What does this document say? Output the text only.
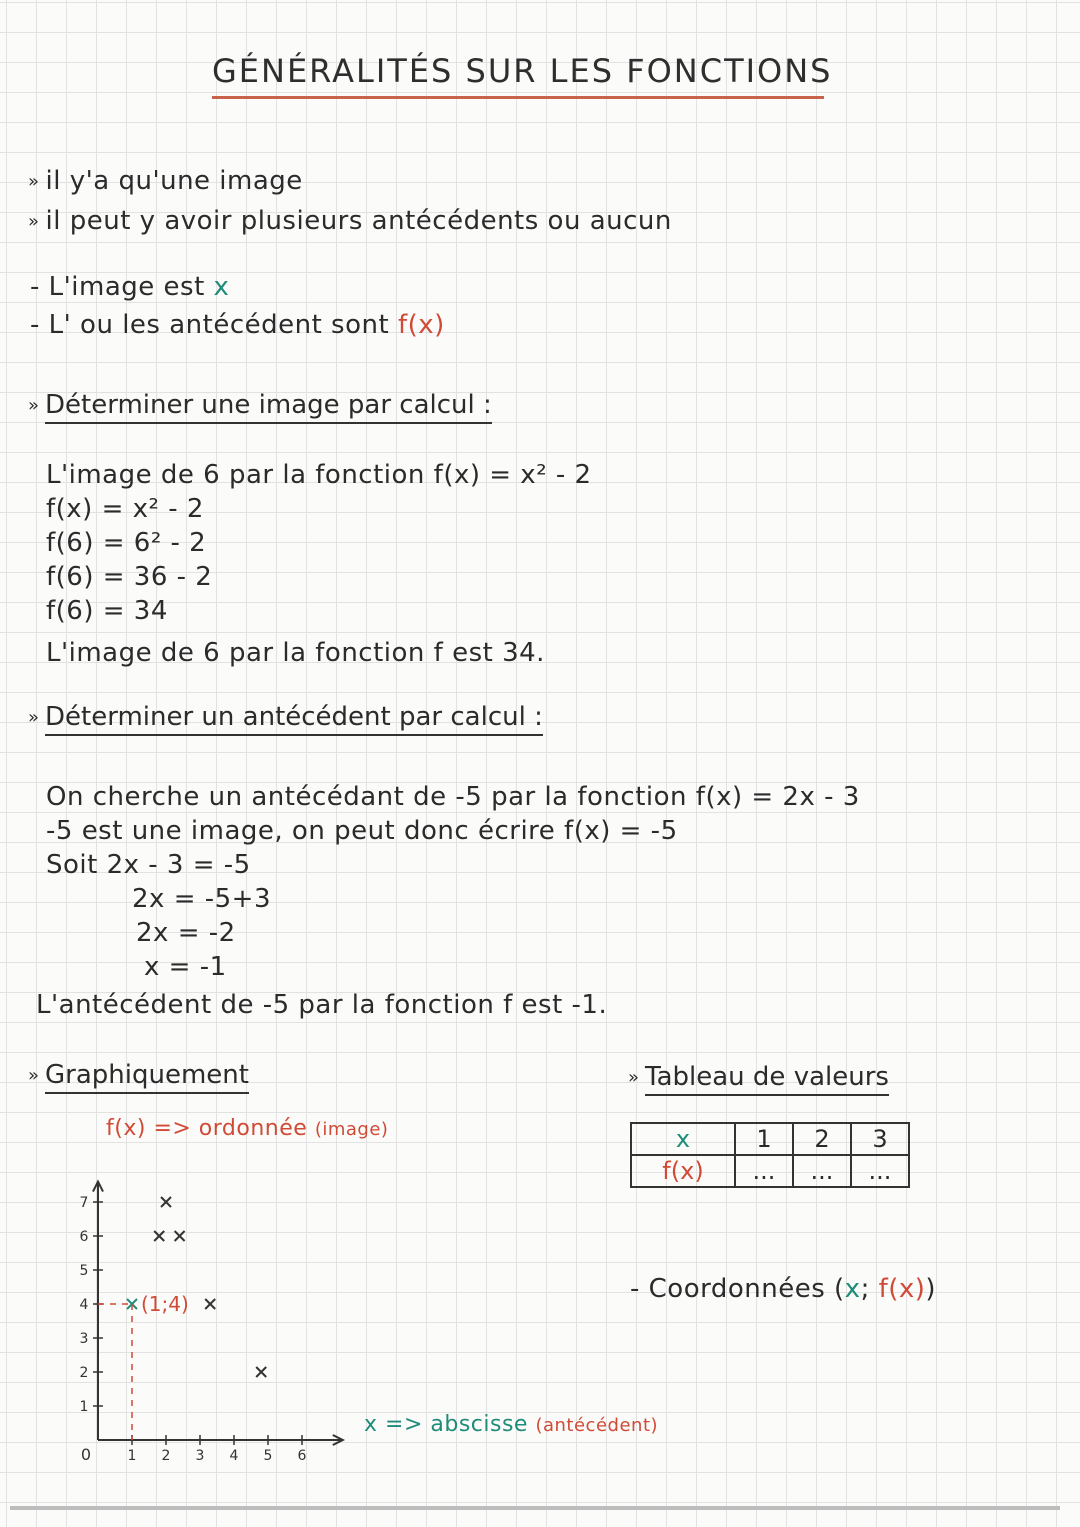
GÉNÉRALITÉS SUR LES FONCTIONS
» il y'a qu'une image
» il peut y avoir plusieurs antécédents ou aucun
- L'image est x
- L' ou les antécédent sont f(x)
» Déterminer une image par calcul :
L'image de 6 par la fonction f(x) = x² - 2
f(x) = x² - 2
f(6) = 6² - 2
f(6) = 36 - 2
f(6) = 34
L'image de 6 par la fonction f est 34.
» Déterminer un antécédent par calcul :
On cherche un antécédant de -5 par la fonction f(x) = 2x - 3
-5 est une image, on peut donc écrire f(x) = -5
Soit 2x - 3 = -5
2x = -5+3
2x = -2
x = -1
L'antécédent de -5 par la fonction f est -1.
» Graphiquement
f(x) => ordonnée (image)
0	1 2 3 4 5 6
1
2
3
4
5
6
7
(1;4)
x => abscisse (antécédent)
» Tableau de valeurs
x	1	2	3
f(x)	...	...	...
- Coordonnées (x; f(x))
